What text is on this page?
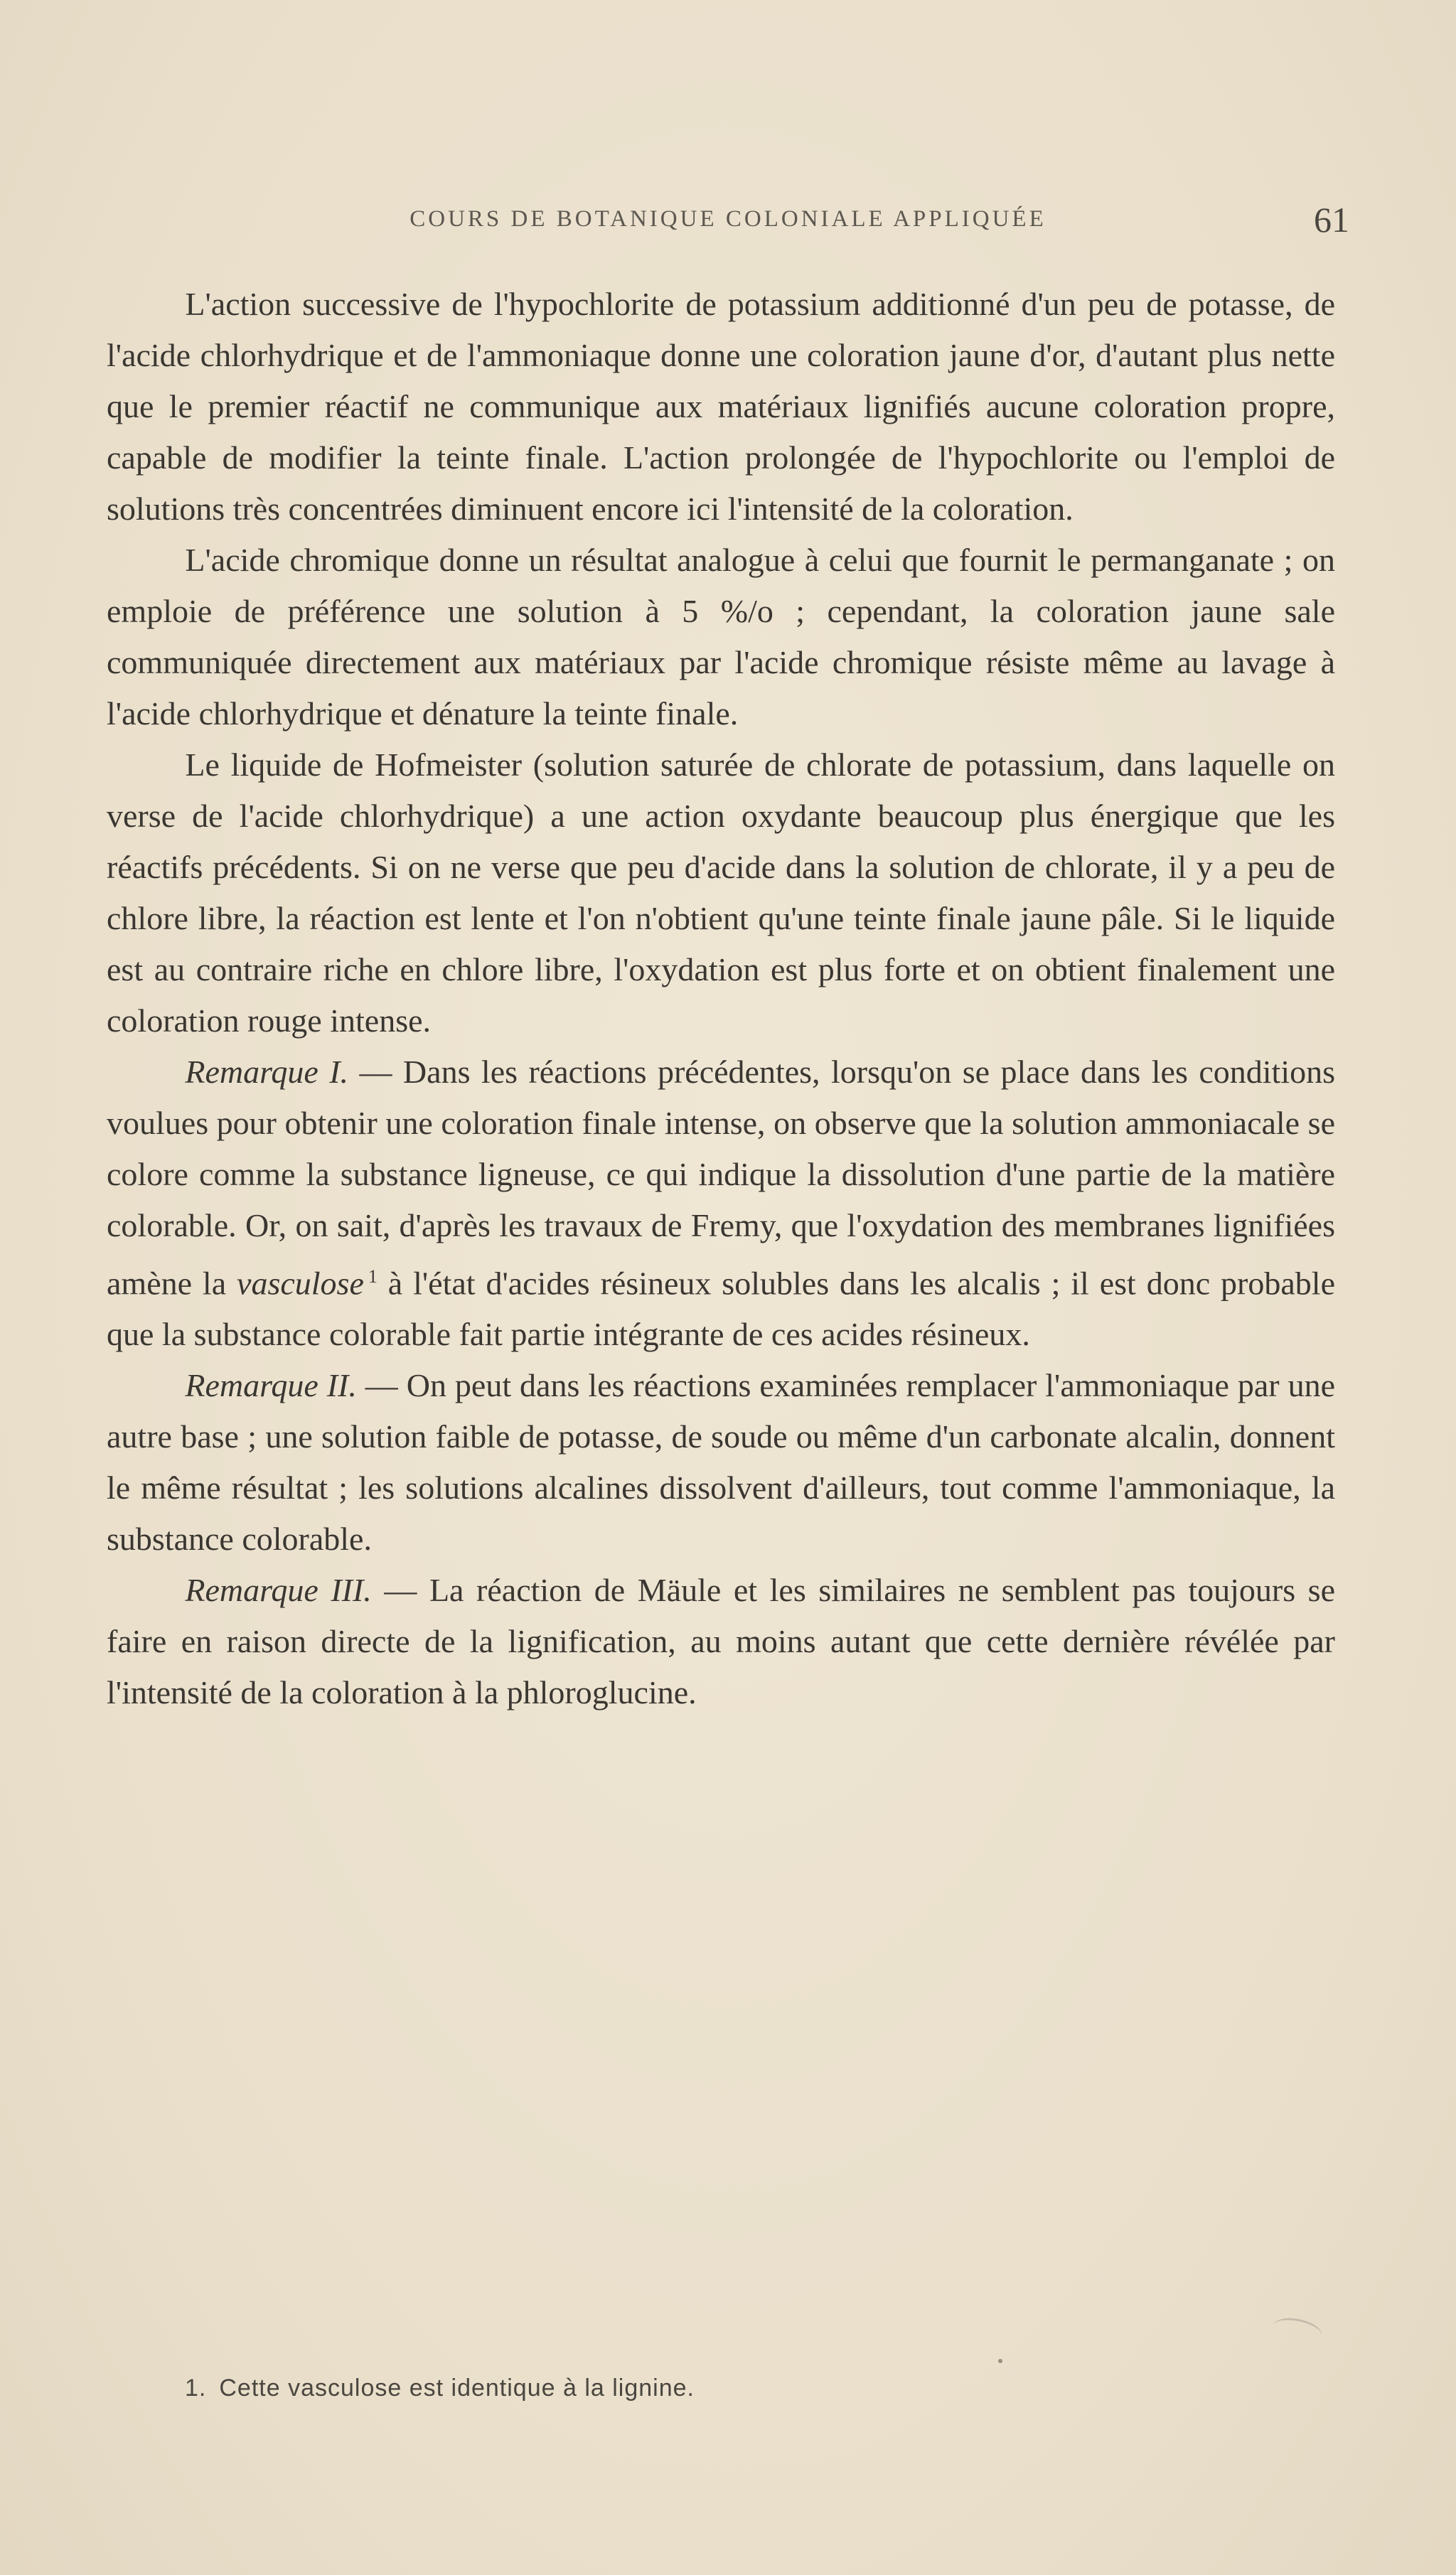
COURS DE BOTANIQUE COLONIALE APPLIQUÉE	61

L'action successive de l'hypochlorite de potassium additionné d'un peu de potasse, de l'acide chlorhydrique et de l'ammoniaque donne une coloration jaune d'or, d'autant plus nette que le premier réactif ne communique aux matériaux lignifiés aucune coloration propre, capable de modifier la teinte finale. L'action prolongée de l'hypochlorite ou l'emploi de solutions très concentrées diminuent encore ici l'intensité de la coloration.

L'acide chromique donne un résultat analogue à celui que fournit le permanganate ; on emploie de préférence une solution à 5 %/o ; cependant, la coloration jaune sale communiquée directement aux matériaux par l'acide chromique résiste même au lavage à l'acide chlorhydrique et dénature la teinte finale.

Le liquide de Hofmeister (solution saturée de chlorate de potassium, dans laquelle on verse de l'acide chlorhydrique) a une action oxydante beaucoup plus énergique que les réactifs précédents. Si on ne verse que peu d'acide dans la solution de chlorate, il y a peu de chlore libre, la réaction est lente et l'on n'obtient qu'une teinte finale jaune pâle. Si le liquide est au contraire riche en chlore libre, l'oxydation est plus forte et on obtient finalement une coloration rouge intense.

Remarque I. — Dans les réactions précédentes, lorsqu'on se place dans les conditions voulues pour obtenir une coloration finale intense, on observe que la solution ammoniacale se colore comme la substance ligneuse, ce qui indique la dissolution d'une partie de la matière colorable. Or, on sait, d'après les travaux de Fremy, que l'oxydation des membranes lignifiées amène la vasculose $^1$ à l'état d'acides résineux solubles dans les alcalis ; il est donc probable que la substance colorable fait partie intégrante de ces acides résineux.

Remarque II. — On peut dans les réactions examinées remplacer l'ammoniaque par une autre base ; une solution faible de potasse, de soude ou même d'un carbonate alcalin, donnent le même résultat ; les solutions alcalines dissolvent d'ailleurs, tout comme l'ammoniaque, la substance colorable.

Remarque III. — La réaction de Mäule et les similaires ne semblent pas toujours se faire en raison directe de la lignification, au moins autant que cette dernière révélée par l'intensité de la coloration à la phloroglucine.

1. Cette vasculose est identique à la lignine.
